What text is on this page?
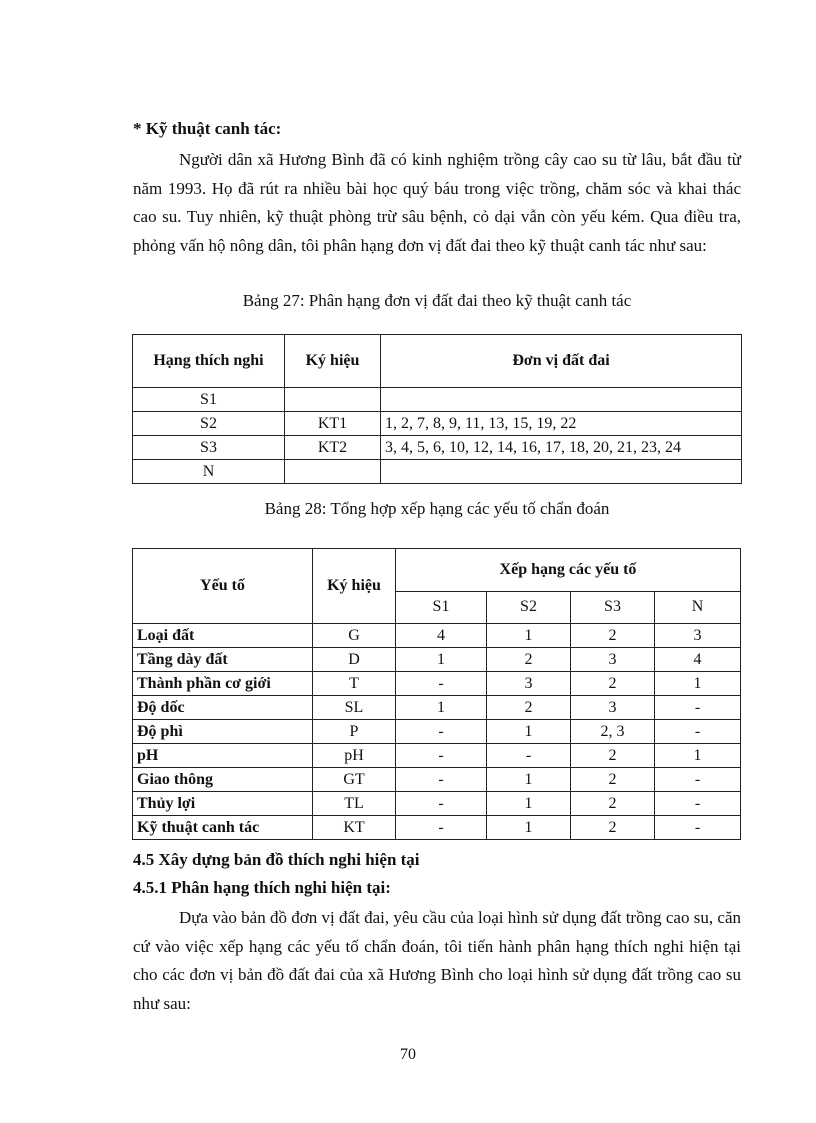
* Kỹ thuật canh tác:

Người dân xã Hương Bình đã có kinh nghiệm trồng cây cao su từ lâu, bắt đầu từ năm 1993. Họ đã rút ra nhiều bài học quý báu trong việc trồng, chăm sóc và khai thác cao su. Tuy nhiên, kỹ thuật phòng trừ sâu bệnh, cỏ dại vẫn còn yếu kém. Qua điều tra, phỏng vấn hộ nông dân, tôi phân hạng đơn vị đất đai theo kỹ thuật canh tác như sau:

Bảng 27: Phân hạng đơn vị đất đai theo kỹ thuật canh tác
Hạng thích nghi	Ký hiệu	Đơn vị đất đai
S1		
S2	KT1	1, 2, 7, 8, 9, 11, 13, 15, 19, 22
S3	KT2	3, 4, 5, 6, 10, 12, 14, 16, 17, 18, 20, 21, 23, 24
N		
Bảng 28: Tổng hợp xếp hạng các yếu tố chẩn đoán
Yếu tố	Ký hiệu	Xếp hạng các yếu tố			
		S1	S2	S3	N
Loại đất	G	4	1	2	3
Tầng dày đất	D	1	2	3	4
Thành phần cơ giới	T	-	3	2	1
Độ dốc	SL	1	2	3	-
Độ phì	P	-	1	2, 3	-
pH	pH	-	-	2	1
Giao thông	GT	-	1	2	-
Thủy lợi	TL	-	1	2	-
Kỹ thuật canh tác	KT	-	1	2	-
4.5 Xây dựng bản đồ thích nghi hiện tại
4.5.1 Phân hạng thích nghi hiện tại:

Dựa vào bản đồ đơn vị đất đai, yêu cầu của loại hình sử dụng đất trồng cao su, căn cứ vào việc xếp hạng các yếu tố chẩn đoán, tôi tiến hành phân hạng thích nghi hiện tại cho các đơn vị bản đồ đất đai của xã Hương Bình cho loại hình sử dụng đất trồng cao su như sau:

70
